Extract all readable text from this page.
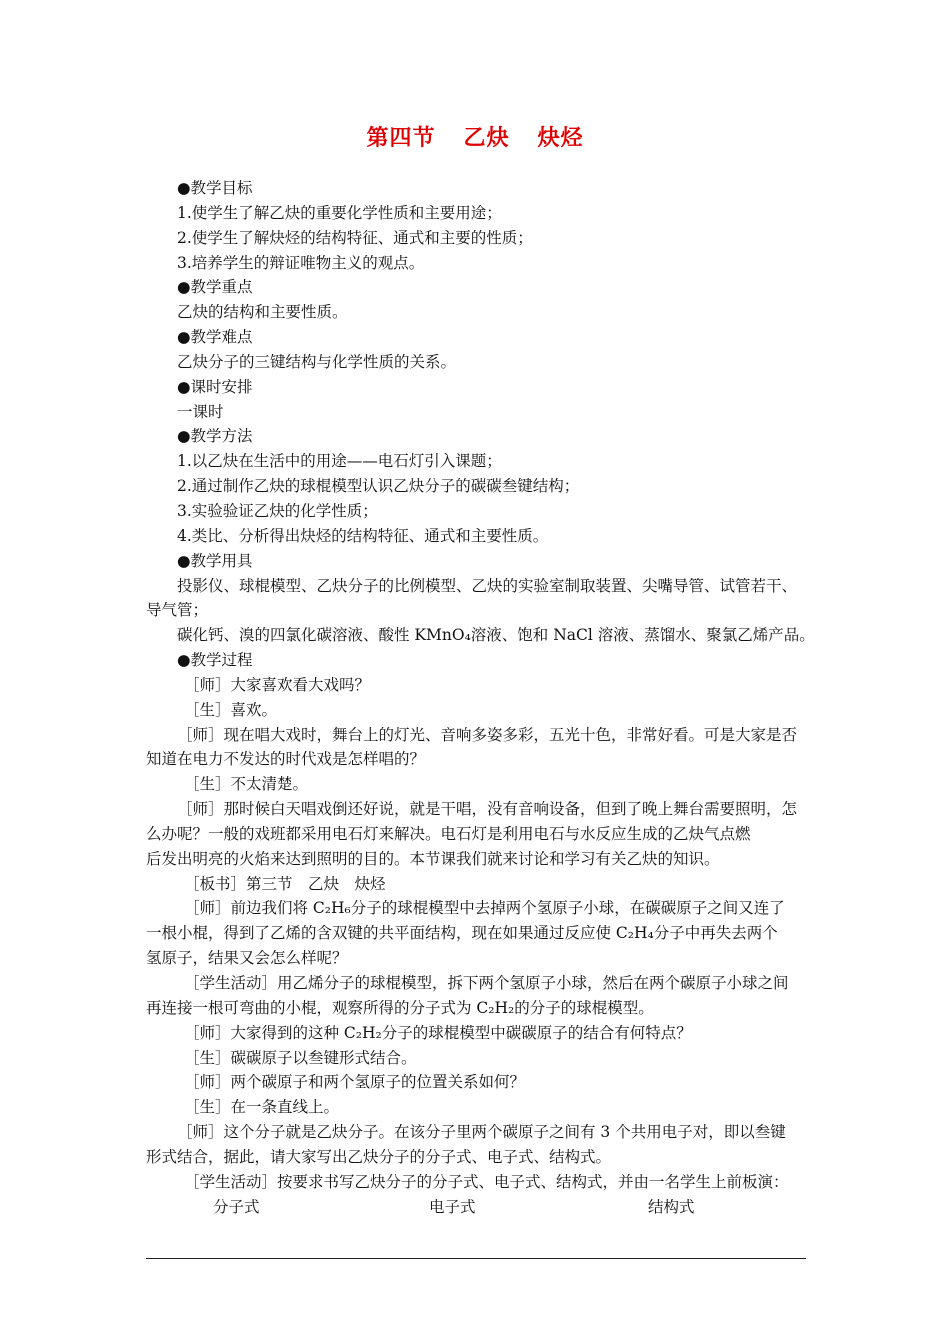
第四节 乙炔 炔烃
●教学目标
1.使学生了解乙炔的重要化学性质和主要用途；
2.使学生了解炔烃的结构特征、通式和主要的性质；
3.培养学生的辩证唯物主义的观点。
●教学重点
乙炔的结构和主要性质。
●教学难点
乙炔分子的三键结构与化学性质的关系。
●课时安排
一课时
●教学方法
1.以乙炔在生活中的用途——电石灯引入课题；
2.通过制作乙炔的球棍模型认识乙炔分子的碳碳叁键结构；
3.实验验证乙炔的化学性质；
4.类比、分析得出炔烃的结构特征、通式和主要性质。
●教学用具
投影仪、球棍模型、乙炔分子的比例模型、乙炔的实验室制取装置、尖嘴导管、试管若干、
导气管；
碳化钙、溴的四氯化碳溶液、酸性 KMnO₄溶液、饱和 NaCl 溶液、蒸馏水、聚氯乙烯产品。
●教学过程
［师］大家喜欢看大戏吗？
［生］喜欢。
［师］现在唱大戏时，舞台上的灯光、音响多姿多彩，五光十色，非常好看。可是大家是否
知道在电力不发达的时代戏是怎样唱的？
［生］不太清楚。
［师］那时候白天唱戏倒还好说，就是干唱，没有音响设备，但到了晚上舞台需要照明，怎
么办呢？一般的戏班都采用电石灯来解决。电石灯是利用电石与水反应生成的乙炔气点燃
后发出明亮的火焰来达到照明的目的。本节课我们就来讨论和学习有关乙炔的知识。
［板书］第三节　乙炔　炔烃
［师］前边我们将 C₂H₆分子的球棍模型中去掉两个氢原子小球，在碳碳原子之间又连了
一根小棍，得到了乙烯的含双键的共平面结构，现在如果通过反应使 C₂H₄分子中再失去两个
氢原子，结果又会怎么样呢？
［学生活动］用乙烯分子的球棍模型，拆下两个氢原子小球，然后在两个碳原子小球之间
再连接一根可弯曲的小棍，观察所得的分子式为 C₂H₂的分子的球棍模型。
［师］大家得到的这种 C₂H₂分子的球棍模型中碳碳原子的结合有何特点？
［生］碳碳原子以叁键形式结合。
［师］两个碳原子和两个氢原子的位置关系如何？
［生］在一条直线上。
［师］这个分子就是乙炔分子。在该分子里两个碳原子之间有 3 个共用电子对，即以叁键
形式结合，据此，请大家写出乙炔分子的分子式、电子式、结构式。
［学生活动］按要求书写乙炔分子的分子式、电子式、结构式，并由一名学生上前板演：
分子式	电子式	结构式
